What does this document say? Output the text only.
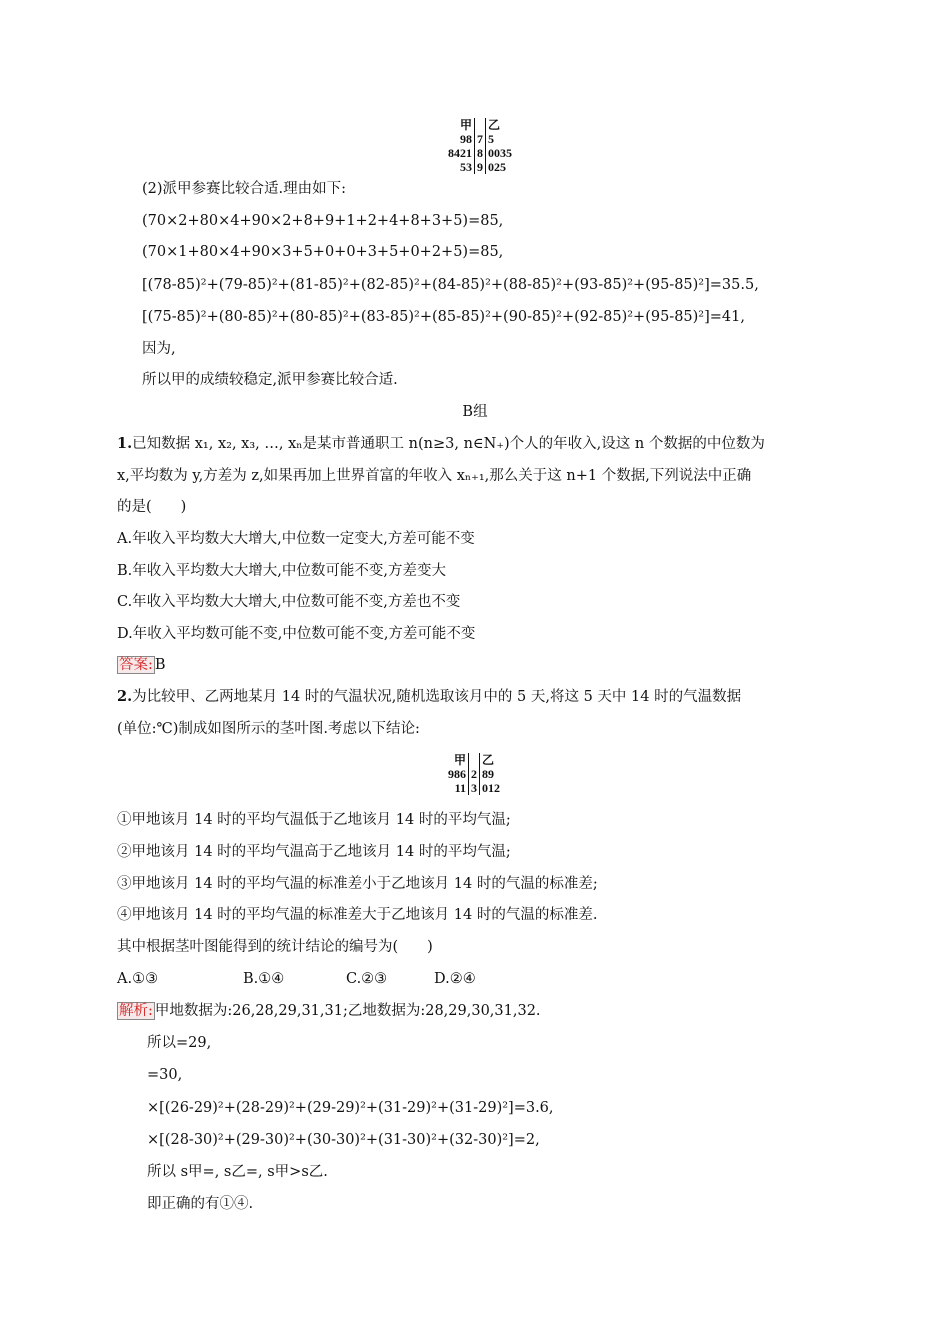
甲		乙
98	7	5
8421	8	0035
53	9	025
(2)派甲参赛比较合适.理由如下:
(70×2+80×4+90×2+8+9+1+2+4+8+3+5)=85,
(70×1+80×4+90×3+5+0+0+3+5+0+2+5)=85,
[(78-85)²+(79-85)²+(81-85)²+(82-85)²+(84-85)²+(88-85)²+(93-85)²+(95-85)²]=35.5,
[(75-85)²+(80-85)²+(80-85)²+(83-85)²+(85-85)²+(90-85)²+(92-85)²+(95-85)²]=41,
因为,
所以甲的成绩较稳定,派甲参赛比较合适.
B组
1.已知数据 x₁, x₂, x₃, …, xₙ是某市普通职工 n(n≥3, n∈N₊)个人的年收入,设这 n 个数据的中位数为
x,平均数为 y,方差为 z,如果再加上世界首富的年收入 xₙ₊₁,那么关于这 n+1 个数据,下列说法中正确
的是(　　)
A.年收入平均数大大增大,中位数一定变大,方差可能不变
B.年收入平均数大大增大,中位数可能不变,方差变大
C.年收入平均数大大增大,中位数可能不变,方差也不变
D.年收入平均数可能不变,中位数可能不变,方差可能不变
答案: B
2.为比较甲、乙两地某月 14 时的气温状况,随机选取该月中的 5 天,将这 5 天中 14 时的气温数据
(单位:℃)制成如图所示的茎叶图.考虑以下结论:
甲		乙
986	2	89
11	3	012
①甲地该月 14 时的平均气温低于乙地该月 14 时的平均气温;
②甲地该月 14 时的平均气温高于乙地该月 14 时的平均气温;
③甲地该月 14 时的平均气温的标准差小于乙地该月 14 时的气温的标准差;
④甲地该月 14 时的平均气温的标准差大于乙地该月 14 时的气温的标准差.
其中根据茎叶图能得到的统计结论的编号为(　　)
A.①③	B.①④	C.②③	D.②④
解析: 甲地数据为:26,28,29,31,31;乙地数据为:28,29,30,31,32.
所以=29,
=30,
×[(26-29)²+(28-29)²+(29-29)²+(31-29)²+(31-29)²]=3.6,
×[(28-30)²+(29-30)²+(30-30)²+(31-30)²+(32-30)²]=2,
所以 s甲=, s乙=, s甲>s乙.
即正确的有①④.
